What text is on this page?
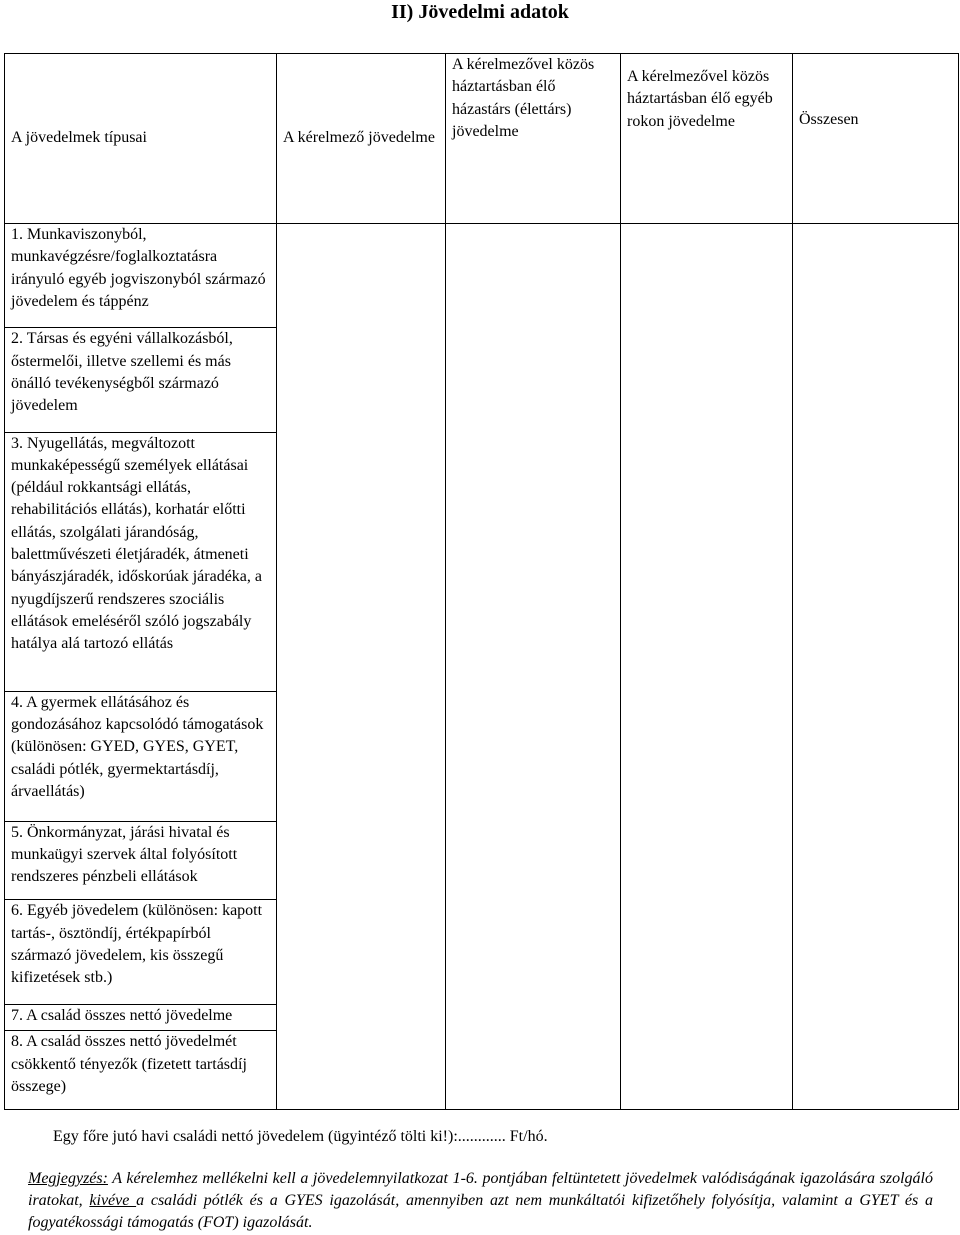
II) Jövedelmi adatok
A jövedelmek típusai	A kérelmező jövedelme	A kérelmezővel közös háztartásban élő házastárs (élettárs) jövedelme	A kérelmezővel közös háztartásban élő egyéb rokon jövedelme	Összesen
1. Munkaviszonyból, munkavégzésre/foglalkoztatásra irányuló egyéb jogviszonyból származó jövedelem és táppénz				
2. Társas és egyéni vállalkozásból, őstermelői, illetve szellemi és más önálló tevékenységből származó jövedelem				
3. Nyugellátás, megváltozott munkaképességű személyek ellátásai (például rokkantsági ellátás, rehabilitációs ellátás), korhatár előtti ellátás, szolgálati járandóság, balettművészeti életjáradék, átmeneti bányászjáradék, időskorúak járadéka, a nyugdíjszerű rendszeres szociális ellátások emeléséről szóló jogszabály hatálya alá tartozó ellátás				
4. A gyermek ellátásához és gondozásához kapcsolódó támogatások (különösen: GYED, GYES, GYET, családi pótlék, gyermektartásdíj, árvaellátás)				
5. Önkormányzat, járási hivatal és munkaügyi szervek által folyósított rendszeres pénzbeli ellátások				
6. Egyéb jövedelem (különösen: kapott tartás-, ösztöndíj, értékpapírból származó jövedelem, kis összegű kifizetések stb.)				
7. A család összes nettó jövedelme				
8. A család összes nettó jövedelmét csökkentő tényezők (fizetett tartásdíj összege)				
Egy főre jutó havi családi nettó jövedelem (ügyintéző tölti ki!):............ Ft/hó.
Megjegyzés: A kérelemhez mellékelni kell a jövedelemnyilatkozat 1-6. pontjában feltüntetett jövedelmek valódiságának igazolására szolgáló iratokat, kivéve a családi pótlék és a GYES igazolását, amennyiben azt nem munkáltatói kifizetőhely folyósítja, valamint a GYET és a fogyatékossági támogatás (FOT) igazolását.
